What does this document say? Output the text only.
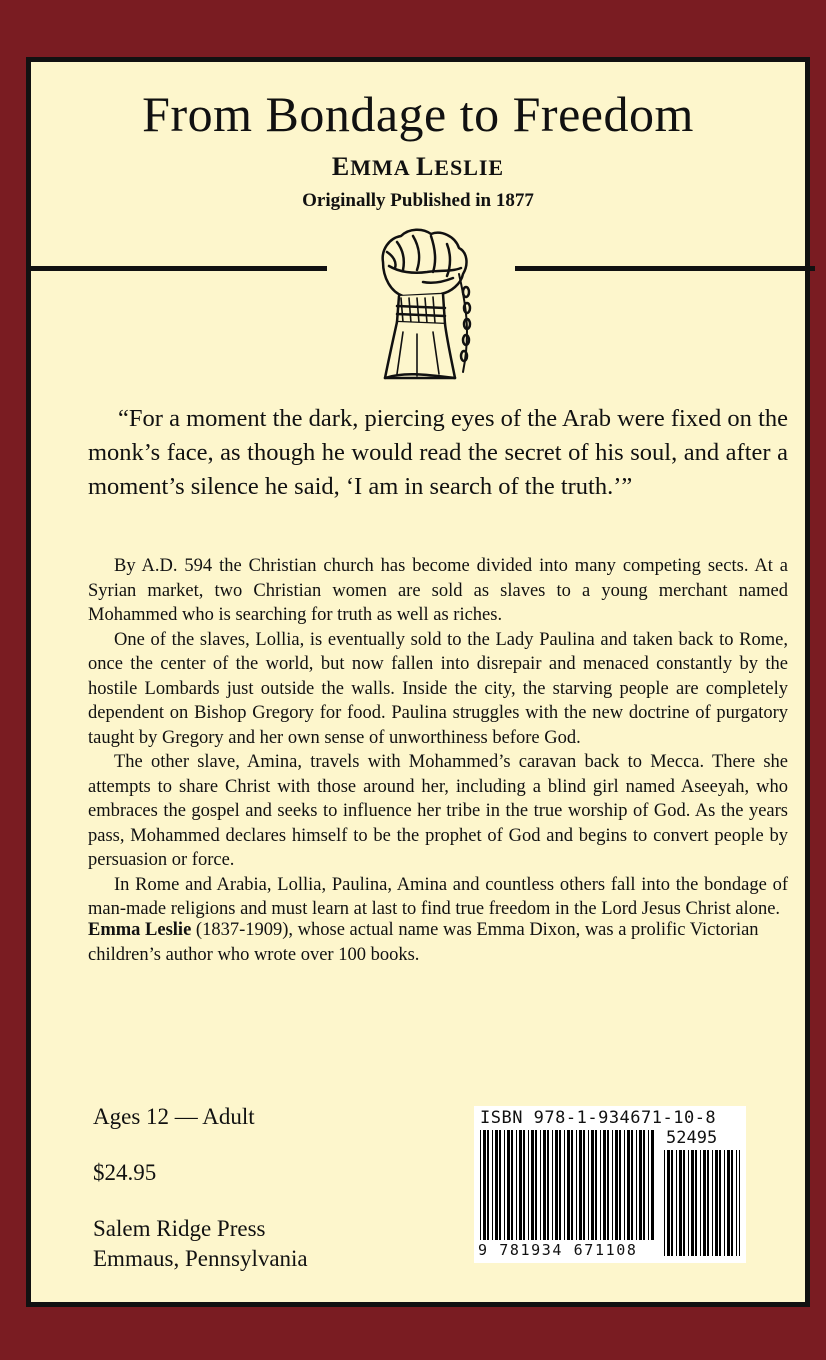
From Bondage to Freedom
EMMA LESLIE
Originally Published in 1877

“For a moment the dark, piercing eyes of the Arab were fixed on the monk’s face, as though he would read the secret of his soul, and after a moment’s silence he said, ‘I am in search of the truth.’”

By A.D. 594 the Christian church has become divided into many competing sects. At a Syrian market, two Christian women are sold as slaves to a young merchant named Mohammed who is searching for truth as well as riches.

One of the slaves, Lollia, is eventually sold to the Lady Paulina and taken back to Rome, once the center of the world, but now fallen into disrepair and menaced constantly by the hostile Lombards just outside the walls. Inside the city, the starving people are completely dependent on Bishop Gregory for food. Paulina struggles with the new doctrine of purgatory taught by Gregory and her own sense of unworthiness before God.

The other slave, Amina, travels with Mohammed’s caravan back to Mecca. There she attempts to share Christ with those around her, including a blind girl named Aseeyah, who embraces the gospel and seeks to influence her tribe in the true worship of God. As the years pass, Mohammed declares himself to be the prophet of God and begins to convert people by persuasion or force.

In Rome and Arabia, Lollia, Paulina, Amina and countless others fall into the bondage of man-made religions and must learn at last to find true freedom in the Lord Jesus Christ alone.

Emma Leslie (1837-1909), whose actual name was Emma Dixon, was a prolific Victorian children’s author who wrote over 100 books.

Ages 12 — Adult
$24.95
Salem Ridge Press
Emmaus, Pennsylvania
ISBN 978-1-934671-10-8
52495
9 781934 671108
